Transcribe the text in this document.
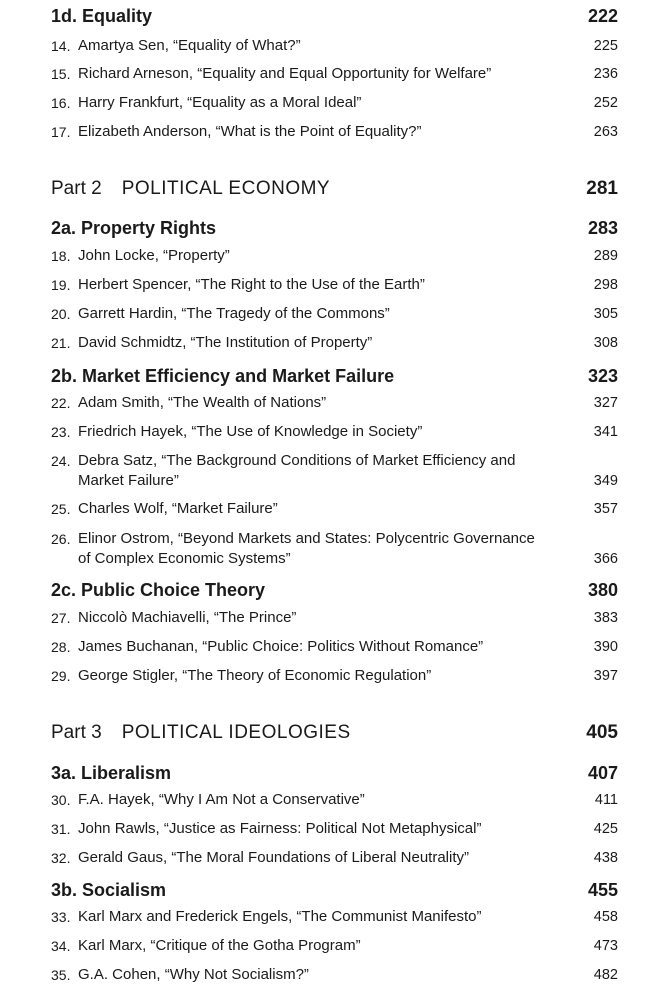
1d. Equality	222
14. Amartya Sen, “Equality of What?”	225
15. Richard Arneson, “Equality and Equal Opportunity for Welfare”	236
16. Harry Frankfurt, “Equality as a Moral Ideal”	252
17. Elizabeth Anderson, “What is the Point of Equality?”	263
Part 2 POLITICAL ECONOMY	281
2a. Property Rights	283
18. John Locke, “Property”	289
19. Herbert Spencer, “The Right to the Use of the Earth”	298
20. Garrett Hardin, “The Tragedy of the Commons”	305
21. David Schmidtz, “The Institution of Property”	308
2b. Market Efficiency and Market Failure	323
22. Adam Smith, “The Wealth of Nations”	327
23. Friedrich Hayek, “The Use of Knowledge in Society”	341
24. Debra Satz, “The Background Conditions of Market Efficiency and Market Failure”	349
25. Charles Wolf, “Market Failure”	357
26. Elinor Ostrom, “Beyond Markets and States: Polycentric Governance of Complex Economic Systems”	366
2c. Public Choice Theory	380
27. Niccolò Machiavelli, “The Prince”	383
28. James Buchanan, “Public Choice: Politics Without Romance”	390
29. George Stigler, “The Theory of Economic Regulation”	397
Part 3 POLITICAL IDEOLOGIES	405
3a. Liberalism	407
30. F.A. Hayek, “Why I Am Not a Conservative”	411
31. John Rawls, “Justice as Fairness: Political Not Metaphysical”	425
32. Gerald Gaus, “The Moral Foundations of Liberal Neutrality”	438
3b. Socialism	455
33. Karl Marx and Frederick Engels, “The Communist Manifesto”	458
34. Karl Marx, “Critique of the Gotha Program”	473
35. G.A. Cohen, “Why Not Socialism?”	482
